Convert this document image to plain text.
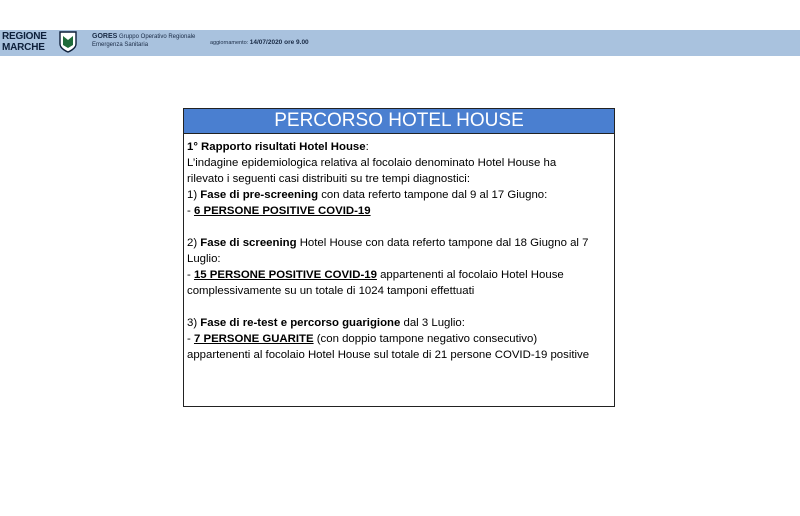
REGIONE
MARCHE
GORES Gruppo Operativo Regionale
Emergenza Sanitaria	aggiornamento: 14/07/2020 ore 9.00
PERCORSO HOTEL HOUSE

1° Rapporto risultati Hotel House:

L’indagine epidemiologica relativa al focolaio denominato Hotel House ha

rilevato i seguenti casi distribuiti su tre tempi diagnostici:

1) Fase di pre-screening con data referto tampone dal 9 al 17 Giugno:

- 6 PERSONE POSITIVE COVID-19

2) Fase di screening Hotel House con data referto tampone dal 18 Giugno al 7

Luglio:

- 15 PERSONE POSITIVE COVID-19 appartenenti al focolaio Hotel House

complessivamente su un totale di 1024 tamponi effettuati

3) Fase di re-test e percorso guarigione dal 3 Luglio:

- 7 PERSONE GUARITE (con doppio tampone negativo consecutivo)

appartenenti al focolaio Hotel House sul totale di 21 persone COVID-19 positive
